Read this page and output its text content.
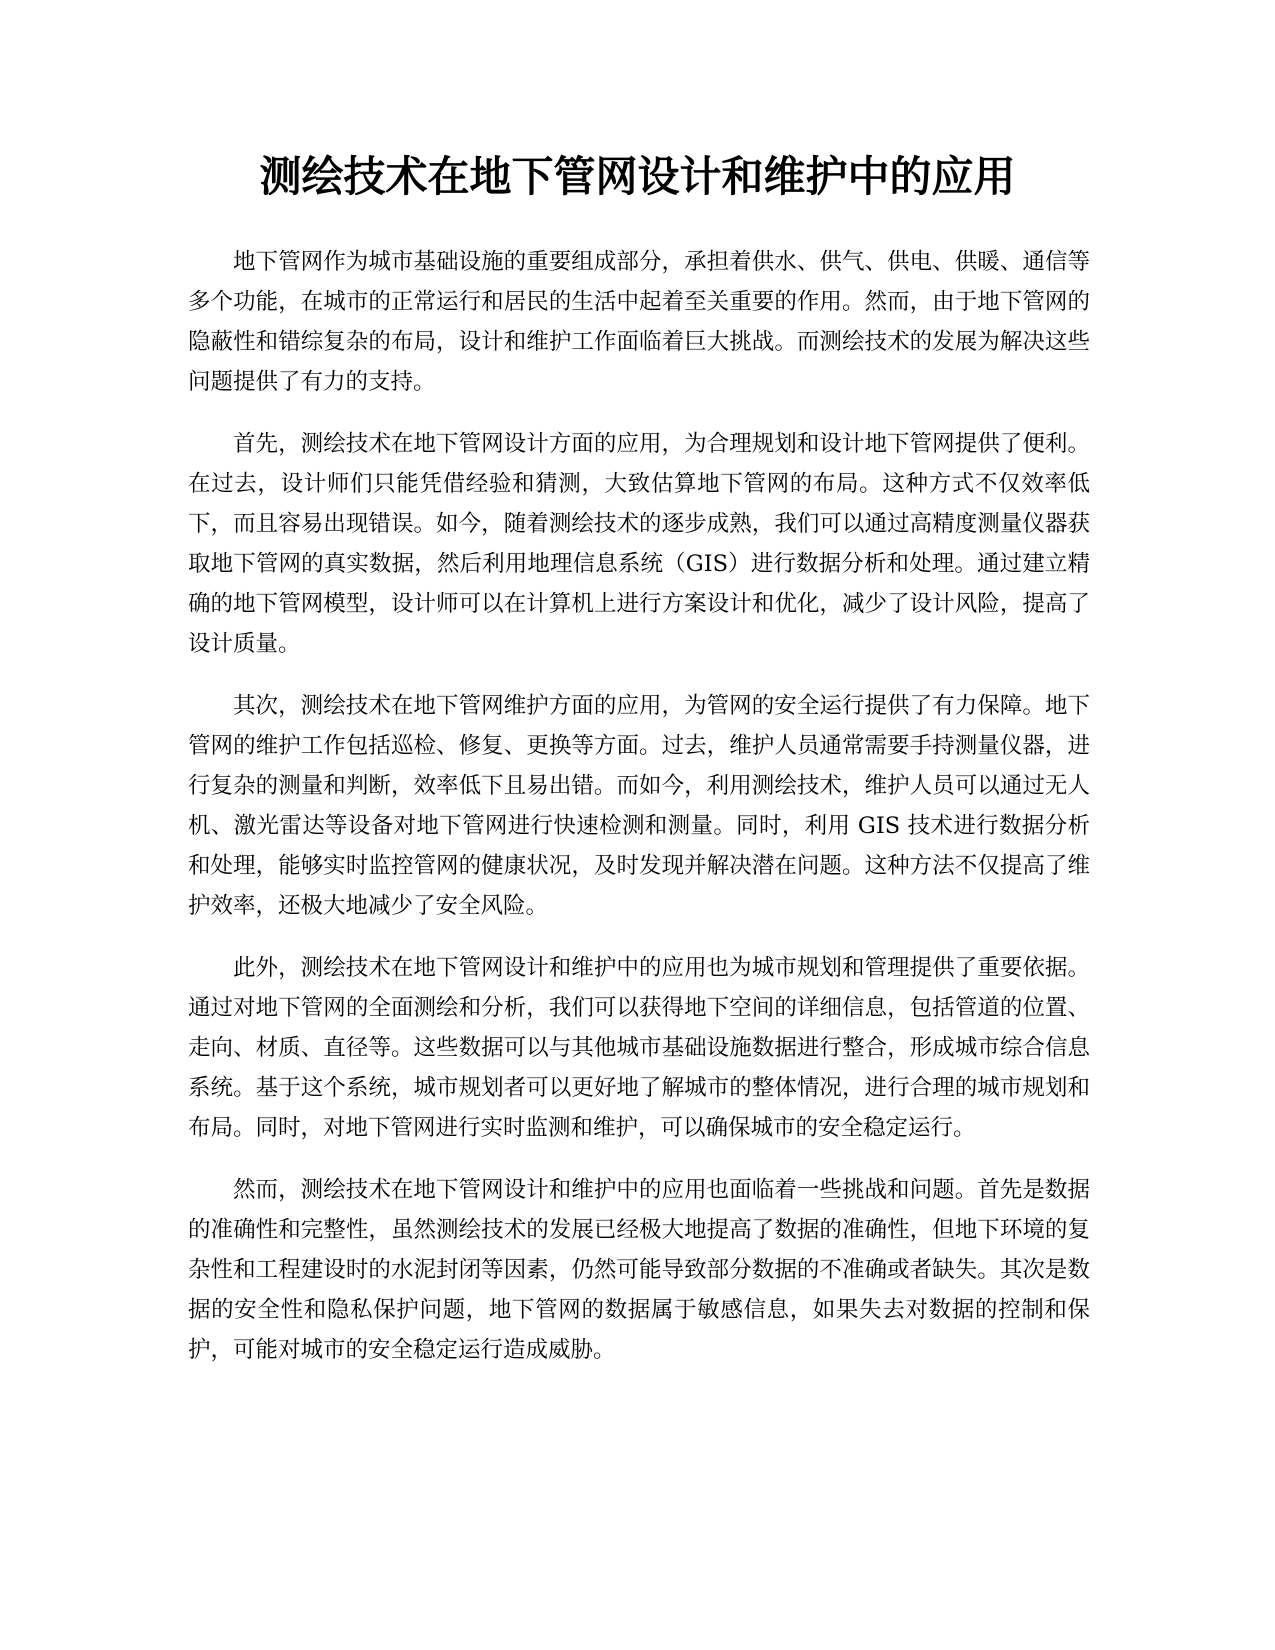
测绘技术在地下管网设计和维护中的应用

地下管网作为城市基础设施的重要组成部分，承担着供水、供气、供电、供暖、通信等多个功能，在城市的正常运行和居民的生活中起着至关重要的作用。然而，由于地下管网的隐蔽性和错综复杂的布局，设计和维护工作面临着巨大挑战。而测绘技术的发展为解决这些问题提供了有力的支持。

首先，测绘技术在地下管网设计方面的应用，为合理规划和设计地下管网提供了便利。在过去，设计师们只能凭借经验和猜测，大致估算地下管网的布局。这种方式不仅效率低下，而且容易出现错误。如今，随着测绘技术的逐步成熟，我们可以通过高精度测量仪器获取地下管网的真实数据，然后利用地理信息系统（GIS）进行数据分析和处理。通过建立精确的地下管网模型，设计师可以在计算机上进行方案设计和优化，减少了设计风险，提高了设计质量。

其次，测绘技术在地下管网维护方面的应用，为管网的安全运行提供了有力保障。地下管网的维护工作包括巡检、修复、更换等方面。过去，维护人员通常需要手持测量仪器，进行复杂的测量和判断，效率低下且易出错。而如今，利用测绘技术，维护人员可以通过无人机、激光雷达等设备对地下管网进行快速检测和测量。同时，利用 GIS 技术进行数据分析和处理，能够实时监控管网的健康状况，及时发现并解决潜在问题。这种方法不仅提高了维护效率，还极大地减少了安全风险。

此外，测绘技术在地下管网设计和维护中的应用也为城市规划和管理提供了重要依据。通过对地下管网的全面测绘和分析，我们可以获得地下空间的详细信息，包括管道的位置、走向、材质、直径等。这些数据可以与其他城市基础设施数据进行整合，形成城市综合信息系统。基于这个系统，城市规划者可以更好地了解城市的整体情况，进行合理的城市规划和布局。同时，对地下管网进行实时监测和维护，可以确保城市的安全稳定运行。

然而，测绘技术在地下管网设计和维护中的应用也面临着一些挑战和问题。首先是数据的准确性和完整性，虽然测绘技术的发展已经极大地提高了数据的准确性，但地下环境的复杂性和工程建设时的水泥封闭等因素，仍然可能导致部分数据的不准确或者缺失。其次是数据的安全性和隐私保护问题，地下管网的数据属于敏感信息，如果失去对数据的控制和保护，可能对城市的安全稳定运行造成威胁。
